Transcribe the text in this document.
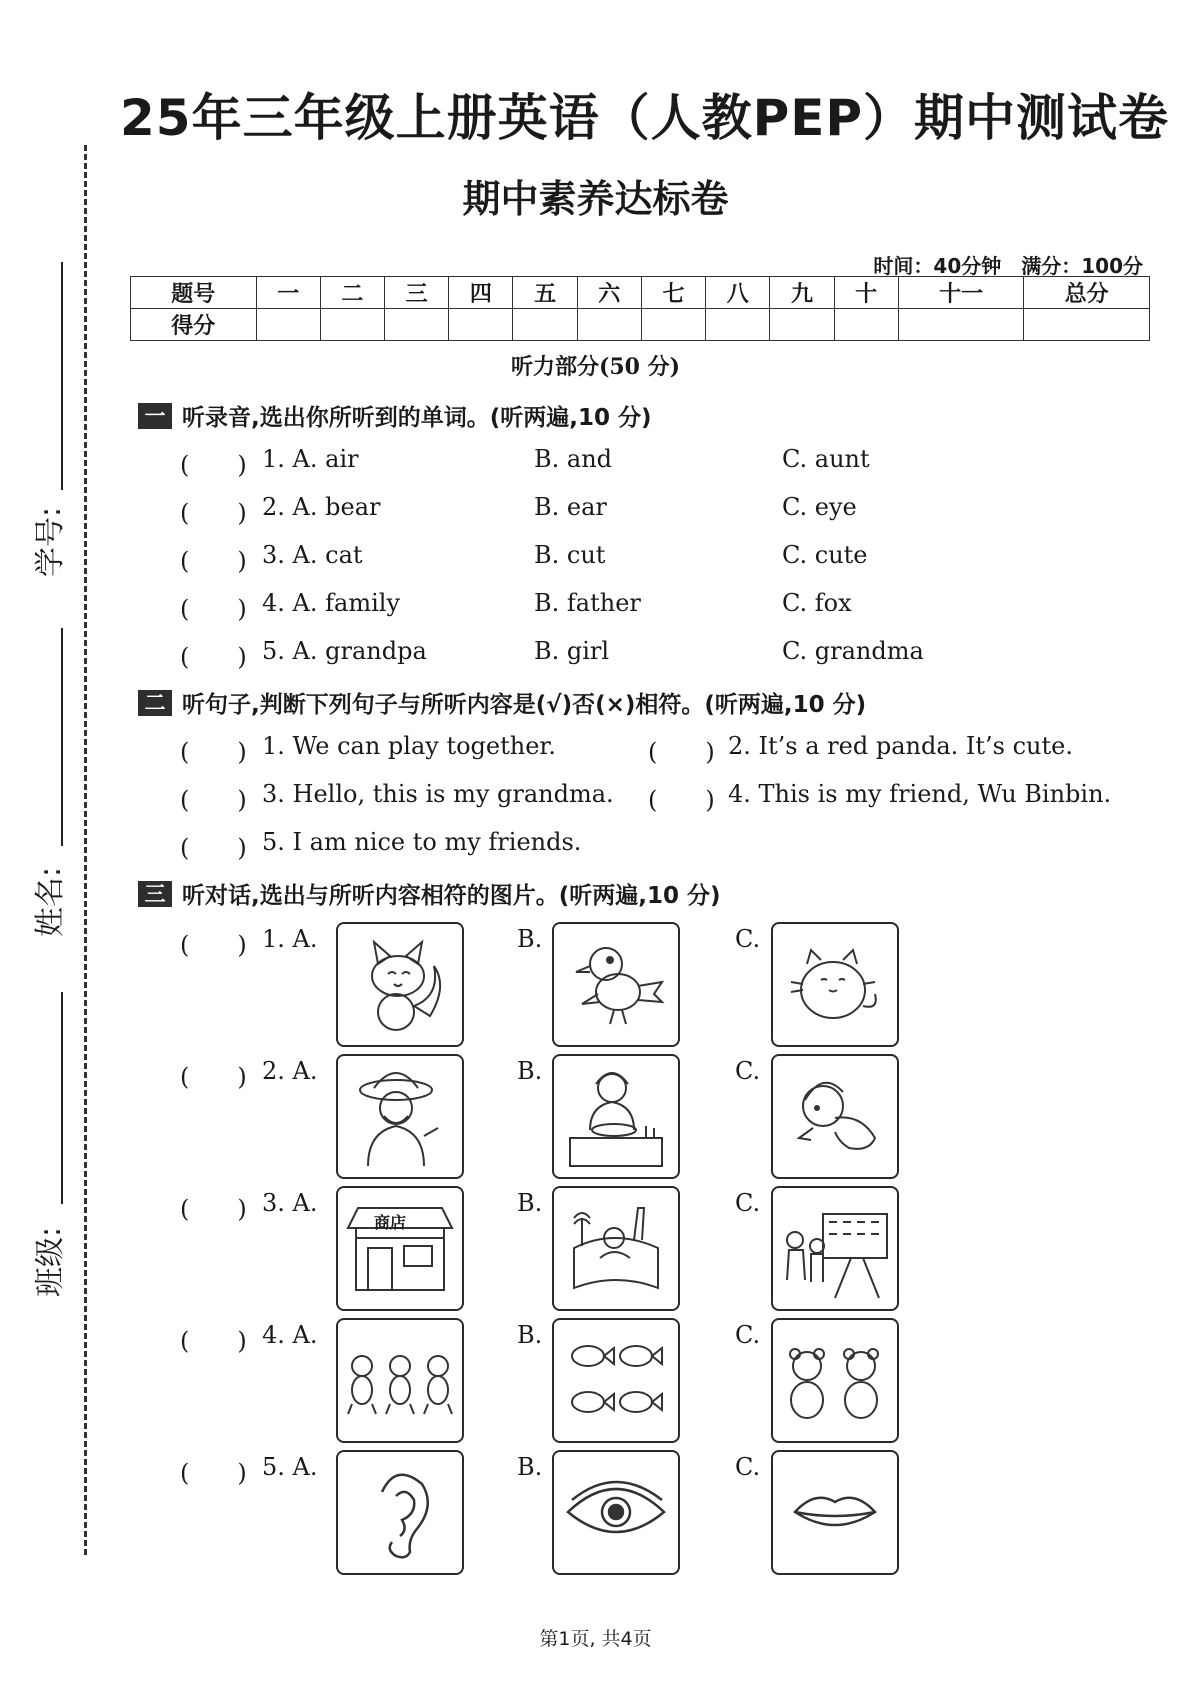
学号:
姓名:
班级:
25年三年级上册英语（人教PEP）期中测试卷
期中素养达标卷
时间：40分钟　满分：100分
题号	一	二	三	四	五	六	七	八	九	十	十一	总分
得分												
听力部分(50 分)
一 听录音,选出你所听到的单词。(听两遍,10 分)
(　　) 1. A. air	B. and	C. aunt
(　　) 2. A. bear	B. ear	C. eye
(　　) 3. A. cat	B. cut	C. cute
(　　) 4. A. family	B. father	C. fox
(　　) 5. A. grandpa	B. girl	C. grandma
二 听句子,判断下列句子与所听内容是(√)否(×)相符。(听两遍,10 分)
(　　) 1. We can play together.	(　　) 2. It’s a red panda. It’s cute.
(　　) 3. Hello, this is my grandma. (　　) 4. This is my friend, Wu Binbin.
(　　) 5. I am nice to my friends.
三 听对话,选出与所听内容相符的图片。(听两遍,10 分)
(　　) 1. A.	B.	C.
(　　) 2. A.	B.	C.
(　　) 3. A.	B.	C.
商店
(　　) 4. A.	B.	C.
(　　) 5. A.	B.	C.
第1页, 共4页
